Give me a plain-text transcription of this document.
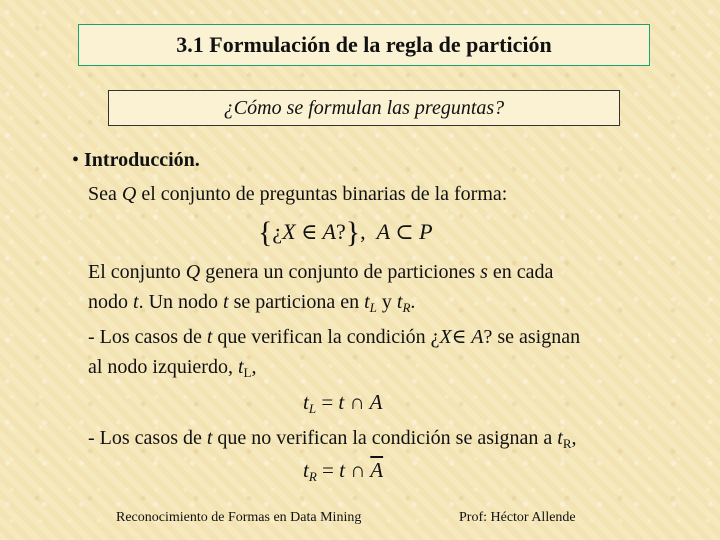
3.1 Formulación de la regla de partición
¿Cómo se formulan las preguntas?
• Introducción.
Sea Q el conjunto de preguntas binarias de la forma:
{¿X ∈ A?}, A ⊂ P
El conjunto Q genera un conjunto de particiones s en cada
nodo t. Un nodo t se particiona en $t_L$ y $t_R$.
- Los casos de t que verifican la condición ¿X∈ A? se asignan
al nodo izquierdo, $t_L$,
$t_L = t$ ∩ A
- Los casos de t que no verifican la condición se asignan a $t_R$,
$t_R = t$ ∩ $\overline{A}$
Reconocimiento de Formas en Data Mining	Prof: Héctor Allende
